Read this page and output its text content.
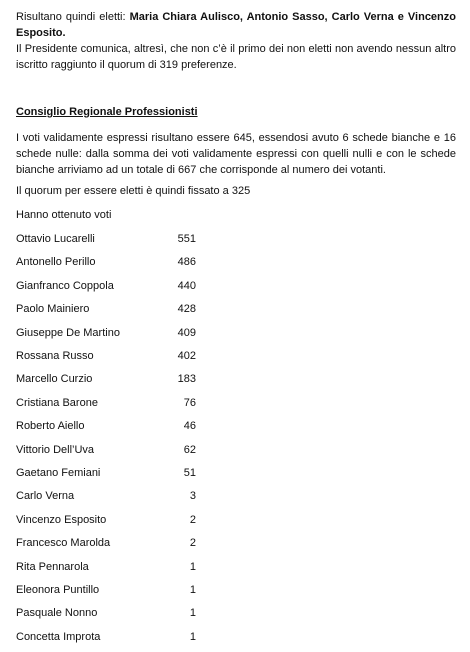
Risultano quindi eletti: Maria Chiara Aulisco, Antonio Sasso, Carlo Verna e Vincenzo Esposito.

Il Presidente comunica, altresì, che non c’è il primo dei non eletti non avendo nessun altro iscritto raggiunto il quorum di 319 preferenze.

Consiglio Regionale Professionisti

I voti validamente espressi risultano essere 645, essendosi avuto 6 schede bianche e 16 schede nulle: dalla somma dei voti validamente espressi con quelli nulli e con le schede bianche arriviamo ad un totale di 667 che corrisponde al numero dei votanti.

Il quorum per essere eletti è quindi fissato a 325

Hanno ottenuto voti

Ottavio Lucarelli	551
Antonello Perillo	486
Gianfranco Coppola	440
Paolo Mainiero	428
Giuseppe De Martino	409
Rossana Russo	402
Marcello Curzio	183
Cristiana Barone	76
Roberto Aiello	46
Vittorio Dell’Uva	62
Gaetano Femiani	51
Carlo Verna	3
Vincenzo Esposito	2
Francesco Marolda	2
Rita Pennarola	1
Eleonora Puntillo	1
Pasquale Nonno	1
Concetta Improta	1
